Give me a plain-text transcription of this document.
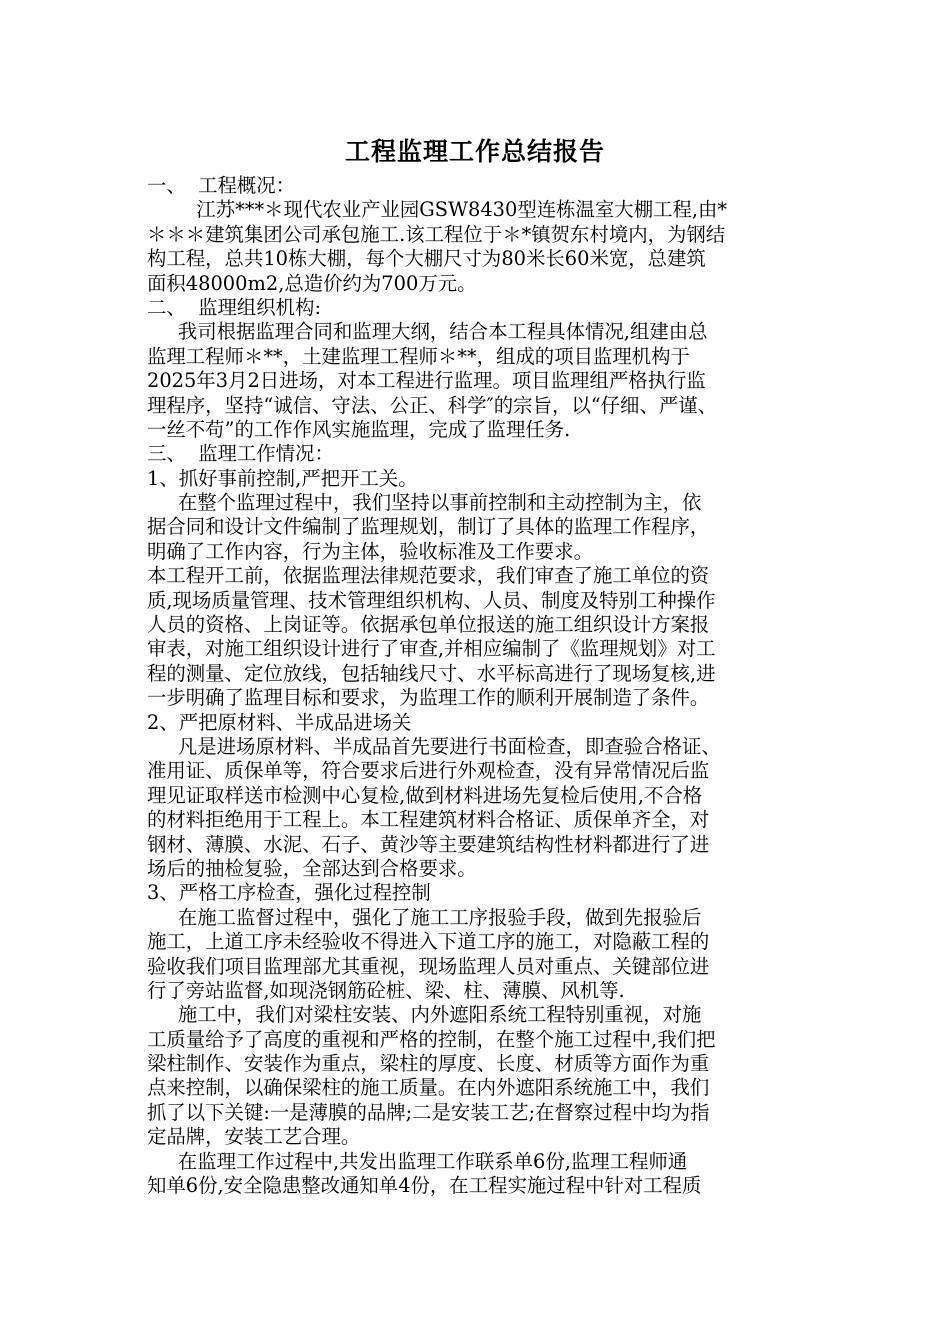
工程监理工作总结报告
一、  工程概况：
江苏***＊现代农业产业园GSW8430型连栋温室大棚工程,由*
＊＊＊建筑集团公司承包施工.该工程位于＊*镇贺东村境内，为钢结
构工程，总共10栋大棚，每个大棚尺寸为80米长60米宽，总建筑
面积48000m2,总造价约为700万元。
二、  监理组织机构:
我司根据监理合同和监理大纲，结合本工程具体情况,组建由总
监理工程师＊**，土建监理工程师＊**，组成的项目监理机构于
2025年3月2日进场，对本工程进行监理。项目监理组严格执行监
理程序，坚持“诚信、守法、公正、科学″的宗旨，以“仔细、严谨、
一丝不苟”的工作作风实施监理，完成了监理任务.
三、  监理工作情况：
1、抓好事前控制,严把开工关。
在整个监理过程中，我们坚持以事前控制和主动控制为主，依
据合同和设计文件编制了监理规划，制订了具体的监理工作程序，
明确了工作内容，行为主体，验收标准及工作要求。
本工程开工前，依据监理法律规范要求，我们审查了施工单位的资
质,现场质量管理、技术管理组织机构、人员、制度及特别工种操作
人员的资格、上岗证等。依据承包单位报送的施工组织设计方案报
审表，对施工组织设计进行了审查,并相应编制了《监理规划》对工
程的测量、定位放线，包括轴线尺寸、水平标高进行了现场复核,进
一步明确了监理目标和要求，为监理工作的顺利开展制造了条件。
2、严把原材料、半成品进场关
凡是进场原材料、半成品首先要进行书面检查，即查验合格证、
准用证、质保单等，符合要求后进行外观检查，没有异常情况后监
理见证取样送市检测中心复检,做到材料进场先复检后使用,不合格
的材料拒绝用于工程上。本工程建筑材料合格证、质保单齐全，对
钢材、薄膜、水泥、石子、黄沙等主要建筑结构性材料都进行了进
场后的抽检复验，全部达到合格要求。
3、严格工序检查，强化过程控制
在施工监督过程中，强化了施工工序报验手段，做到先报验后
施工，上道工序未经验收不得进入下道工序的施工，对隐蔽工程的
验收我们项目监理部尤其重视，现场监理人员对重点、关键部位进
行了旁站监督,如现浇钢筋砼桩、梁、柱、薄膜、风机等.
施工中，我们对梁柱安装、内外遮阳系统工程特别重视，对施
工质量给予了高度的重视和严格的控制，在整个施工过程中,我们把
梁柱制作、安装作为重点，梁柱的厚度、长度、材质等方面作为重
点来控制，以确保梁柱的施工质量。在内外遮阳系统施工中，我们
抓了以下关键:一是薄膜的品牌;二是安装工艺;在督察过程中均为指
定品牌，安装工艺合理。
在监理工作过程中,共发出监理工作联系单6份,监理工程师通
知单6份,安全隐患整改通知单4份，在工程实施过程中针对工程质
